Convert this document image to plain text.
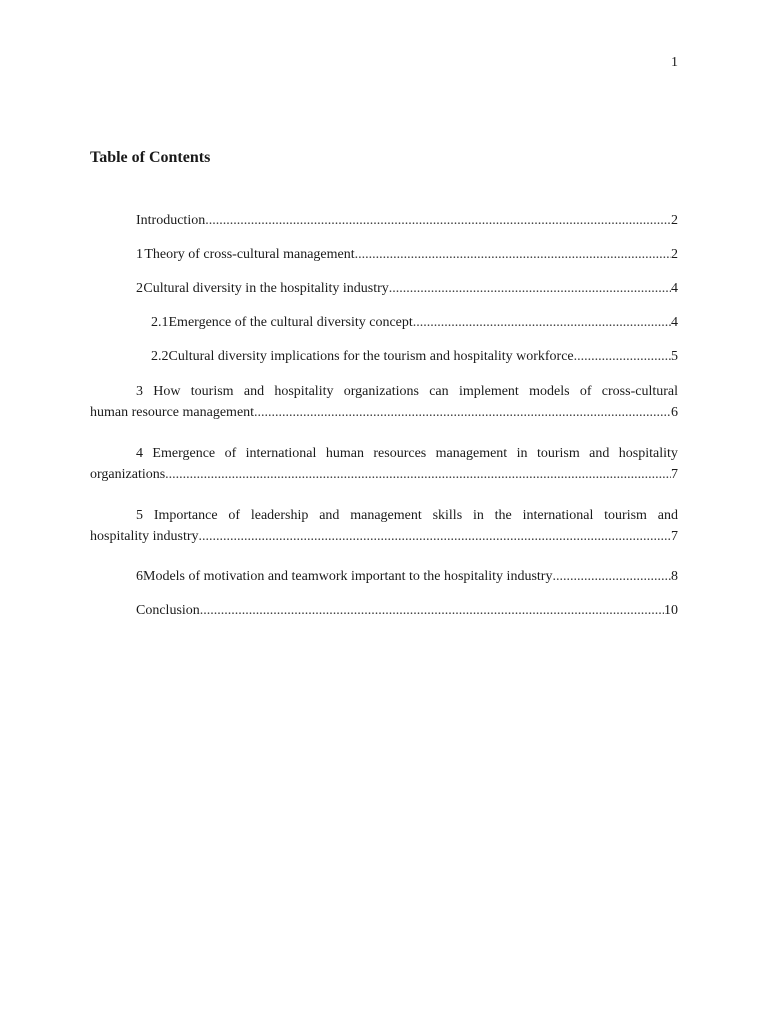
1
Table of Contents
Introduction .....	2
1 Theory of cross-cultural management .....	2
2 Cultural diversity in the hospitality industry .....	4
2.1 Emergence of the cultural diversity concept .....	4
2.2 Cultural diversity implications for the tourism and hospitality workforce .....	5
3 How tourism and hospitality organizations can implement models of cross-cultural
human resource management .....	6
4 Emergence of international human resources management in tourism and hospitality
organizations .....	7
5 Importance of leadership and management skills in the international tourism and
hospitality industry .....	7
6 Models of motivation and teamwork important to the hospitality industry .....	8
Conclusion .....	10
